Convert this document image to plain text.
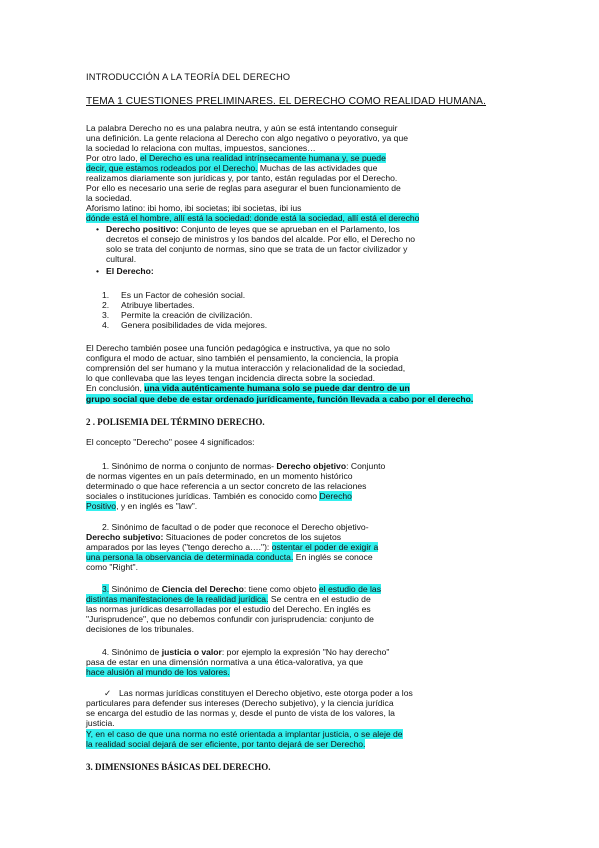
INTRODUCCIÓN A LA TEORÍA DEL DERECHO
TEMA 1 CUESTIONES PRELIMINARES. EL DERECHO COMO REALIDAD HUMANA.
La palabra Derecho no es una palabra neutra, y aún se está intentando conseguir
una definición. La gente relaciona al Derecho con algo negativo o peyorativo, ya que
la sociedad lo relaciona con multas, impuestos, sanciones…
Por otro lado, el Derecho es una realidad intrínsecamente humana y, se puede
decir, que estamos rodeados por el Derecho. Muchas de las actividades que
realizamos diariamente son jurídicas y, por tanto, están reguladas por el Derecho.
Por ello es necesario una serie de reglas para asegurar el buen funcionamiento de
la sociedad.
Aforismo latino: ibi homo, ibi societas; ibi societas, ibi ius
dónde está el hombre, allí está la sociedad: donde está la sociedad, allí está el derecho
• Derecho positivo: Conjunto de leyes que se aprueban en el Parlamento, los
decretos el consejo de ministros y los bandos del alcalde. Por ello, el Derecho no
solo se trata del conjunto de normas, sino que se trata de un factor civilizador y
cultural.
• El Derecho:
1. Es un Factor de cohesión social.
2. Atribuye libertades.
3. Permite la creación de civilización.
4. Genera posibilidades de vida mejores.
El Derecho también posee una función pedagógica e instructiva, ya que no solo
configura el modo de actuar, sino también el pensamiento, la conciencia, la propia
comprensión del ser humano y la mutua interacción y relacionalidad de la sociedad,
lo que conllevaba que las leyes tengan incidencia directa sobre la sociedad.
En conclusión, una vida auténticamente humana solo se puede dar dentro de un
grupo social que debe de estar ordenado jurídicamente, función llevada a cabo por el derecho.
2 . POLISEMIA DEL TÉRMINO DERECHO.
El concepto "Derecho" posee 4 significados:
1. Sinónimo de norma o conjunto de normas- Derecho objetivo: Conjunto
de normas vigentes en un país determinado, en un momento histórico
determinado o que hace referencia a un sector concreto de las relaciones
sociales o instituciones jurídicas. También es conocido como Derecho
Positivo, y en inglés es "law".
2. Sinónimo de facultad o de poder que reconoce el Derecho objetivo-
Derecho subjetivo: Situaciones de poder concretos de los sujetos
amparados por las leyes ("tengo derecho a…."): ostentar el poder de exigir a
una persona la observancia de determinada conducta. En inglés se conoce
como "Right".
3. Sinónimo de Ciencia del Derecho: tiene como objeto el estudio de las
distintas manifestaciones de la realidad jurídica. Se centra en el estudio de
las normas jurídicas desarrolladas por el estudio del Derecho. En inglés es
"Jurisprudence", que no debemos confundir con jurisprudencia: conjunto de
decisiones de los tribunales.
4. Sinónimo de justicia o valor: por ejemplo la expresión "No hay derecho"
pasa de estar en una dimensión normativa a una ética-valorativa, ya que
hace alusión al mundo de los valores.
✓ Las normas jurídicas constituyen el Derecho objetivo, este otorga poder a los
particulares para defender sus intereses (Derecho subjetivo), y la ciencia jurídica
se encarga del estudio de las normas y, desde el punto de vista de los valores, la
justicia.
Y, en el caso de que una norma no esté orientada a implantar justicia, o se aleje de
la realidad social dejará de ser eficiente, por tanto dejará de ser Derecho.
3. DIMENSIONES BÁSICAS DEL DERECHO.
